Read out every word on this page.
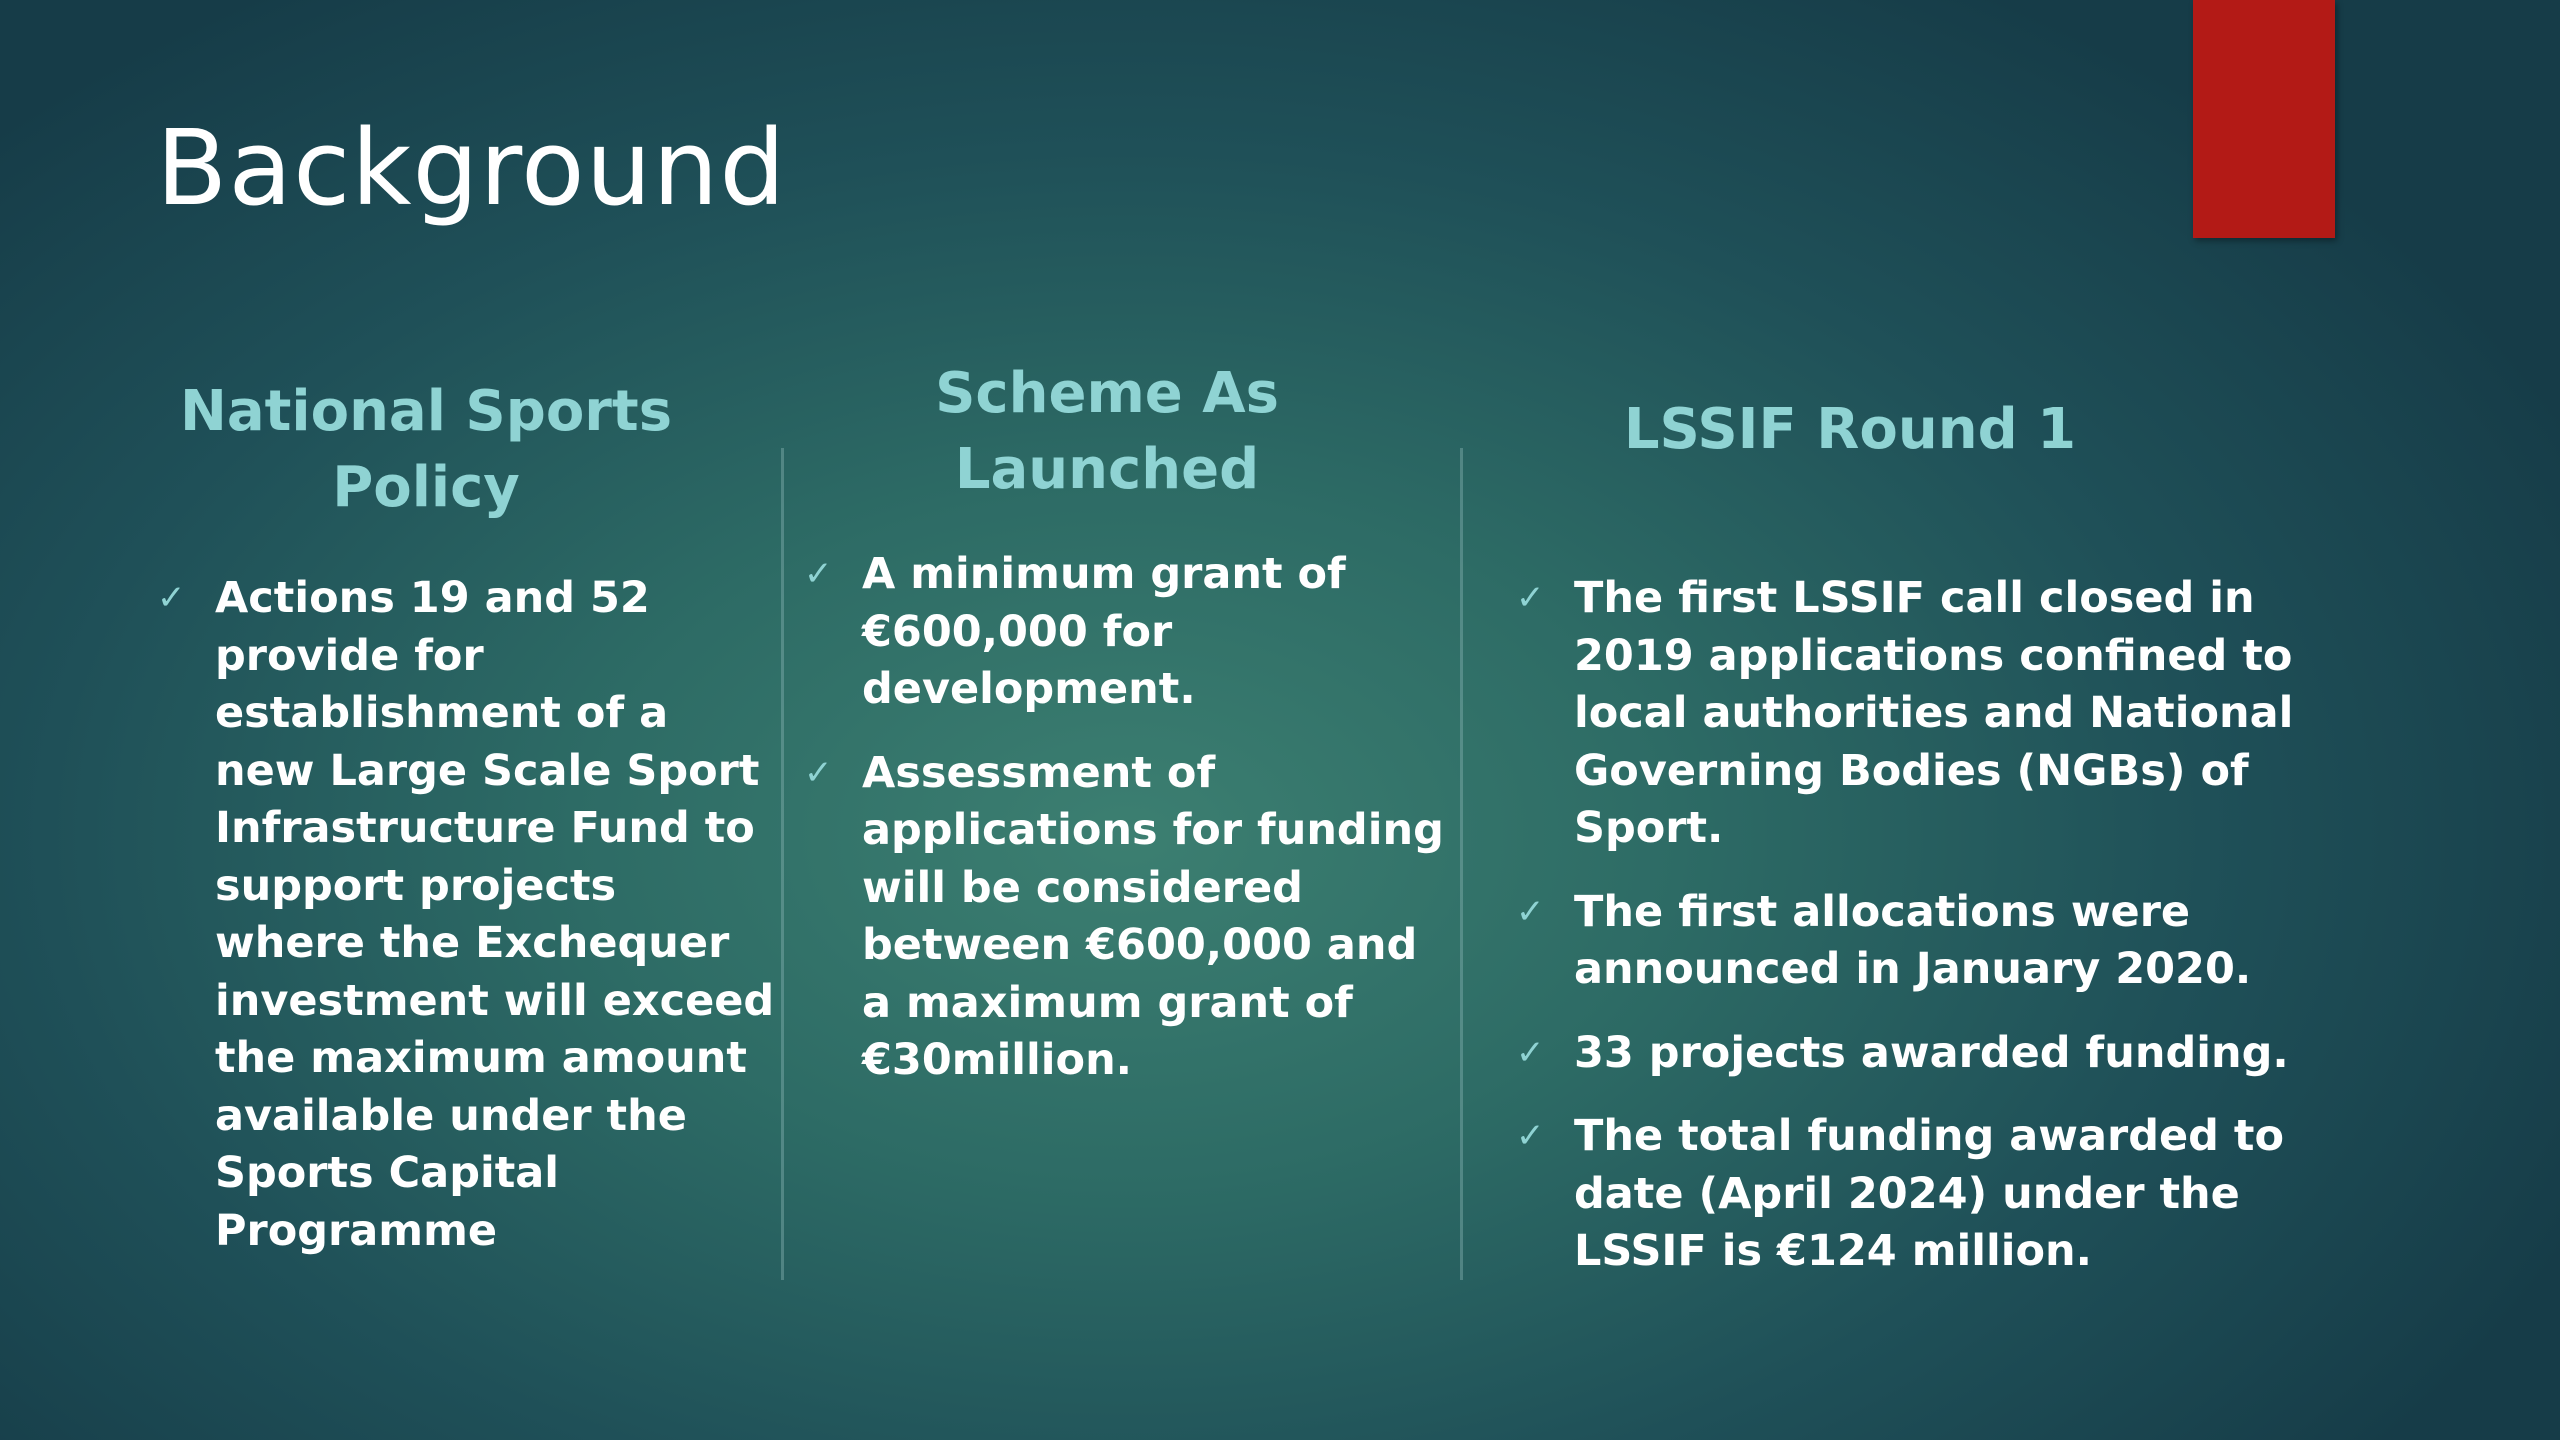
Background
National Sports Policy
✓ Actions 19 and 52 provide for establishment of a new Large Scale Sport Infrastructure Fund to support projects where the Exchequer investment will exceed the maximum amount available under the Sports Capital Programme
Scheme As Launched
✓ A minimum grant of €600,000 for development.
✓ Assessment of applications for funding will be considered between €600,000 and a maximum grant of €30million.
LSSIF Round 1
✓ The first LSSIF call closed in 2019 applications confined to local authorities and National Governing Bodies (NGBs) of Sport.
✓ The first allocations were announced in January 2020.
✓ 33 projects awarded funding.
✓ The total funding awarded to date (April 2024) under the LSSIF is €124 million.
